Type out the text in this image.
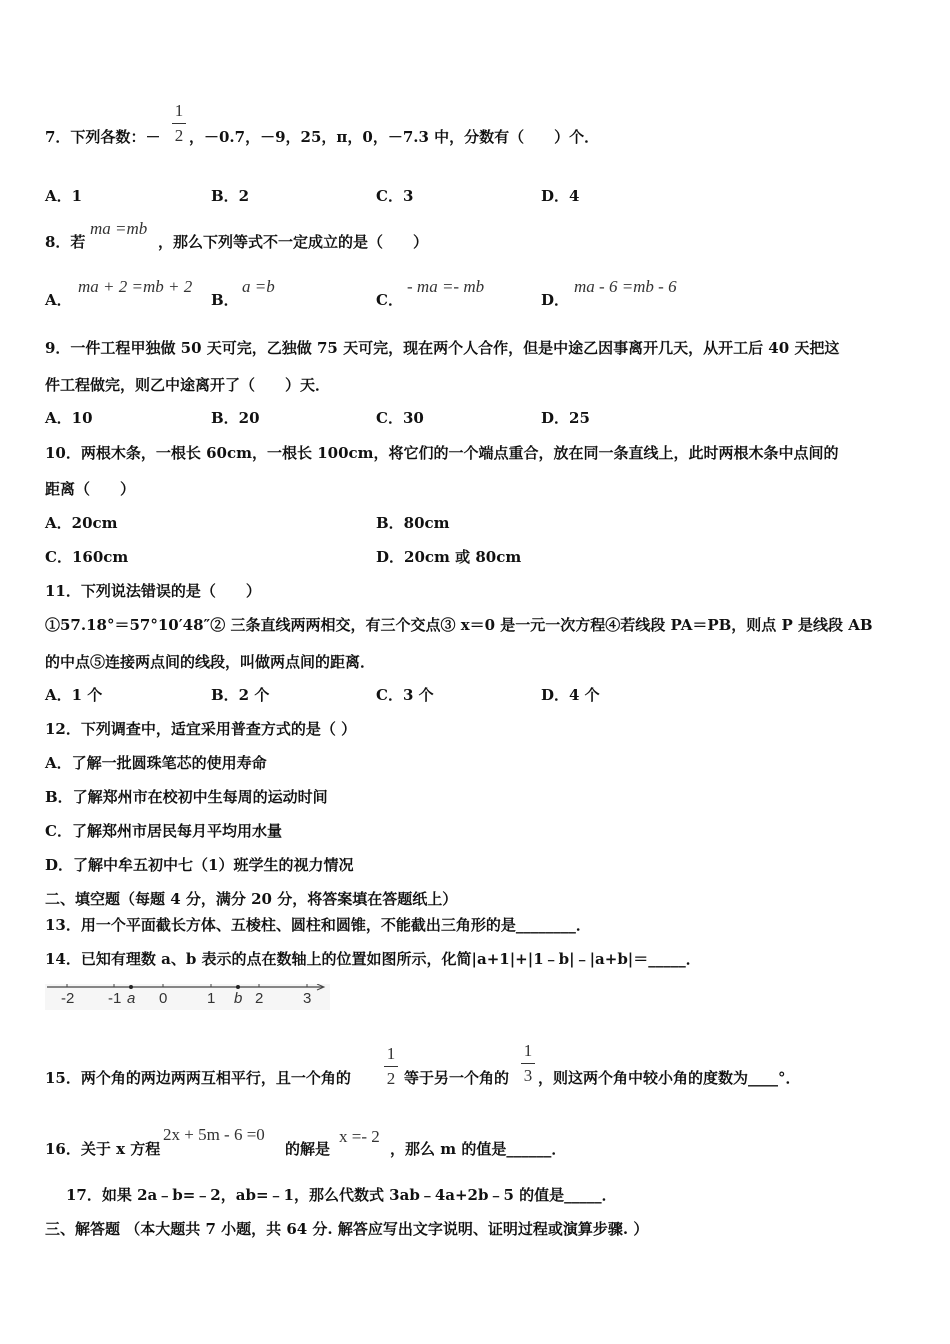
7．下列各数：－
1
2 ，－0.7，－9，25，π，0，－7.3 中，分数有（　　）个．
A．1	B．2	C．3	D．4
8．若
ma =mb
，那么下列等式不一定成立的是（　　）
A．
ma + 2 =mb + 2
B．
a =b
C．
- ma =- mb
D．
ma - 6 =mb - 6
9．一件工程甲独做 50 天可完，乙独做 75 天可完，现在两个人合作，但是中途乙因事离开几天，从开工后 40 天把这
件工程做完，则乙中途离开了（　　）天．
A．10	B．20	C．30	D．25
10．两根木条，一根长 60cm，一根长 100cm，将它们的一个端点重合，放在同一条直线上，此时两根木条中点间的
距离（　　）
A．20cm	B．80cm
C．160cm	D．20cm 或 80cm
11．下列说法错误的是（　　）
①57.18°＝57°10′48″② 三条直线两两相交，有三个交点③ x＝0 是一元一次方程④若线段 PA＝PB，则点 P 是线段 AB
的中点⑤连接两点间的线段，叫做两点间的距离．
A．1 个	B．2 个	C．3 个	D．4 个
12．下列调查中，适宜采用普查方式的是（ ）
A．了解一批圆珠笔芯的使用寿命
B．了解郑州市在校初中生每周的运动时间
C．了解郑州市居民每月平均用水量
D．了解中牟五初中七（1）班学生的视力情况
二、填空题（每题 4 分，满分 20 分，将答案填在答题纸上）
13．用一个平面截长方体、五棱柱、圆柱和圆锥，不能截出三角形的是________．
14．已知有理数 a、b 表示的点在数轴上的位置如图所示，化简|a+1|+|1﹣b|﹣|a+b|＝_____．
-2 -1	0	1	2	3
a	b
15．两个角的两边两两互相平行，且一个角的
1
2 等于另一个角的
1
3 ，则这两个角中较小角的度数为____°．
16．关于 x 方程
2x + 5m - 6 =0
的解是
x =- 2
，那么 m 的值是______．
17．如果 2a﹣b=﹣2，ab=﹣1，那么代数式 3ab﹣4a+2b﹣5 的值是_____．
三、解答题 （本大题共 7 小题，共 64 分. 解答应写出文字说明、证明过程或演算步骤. ）
